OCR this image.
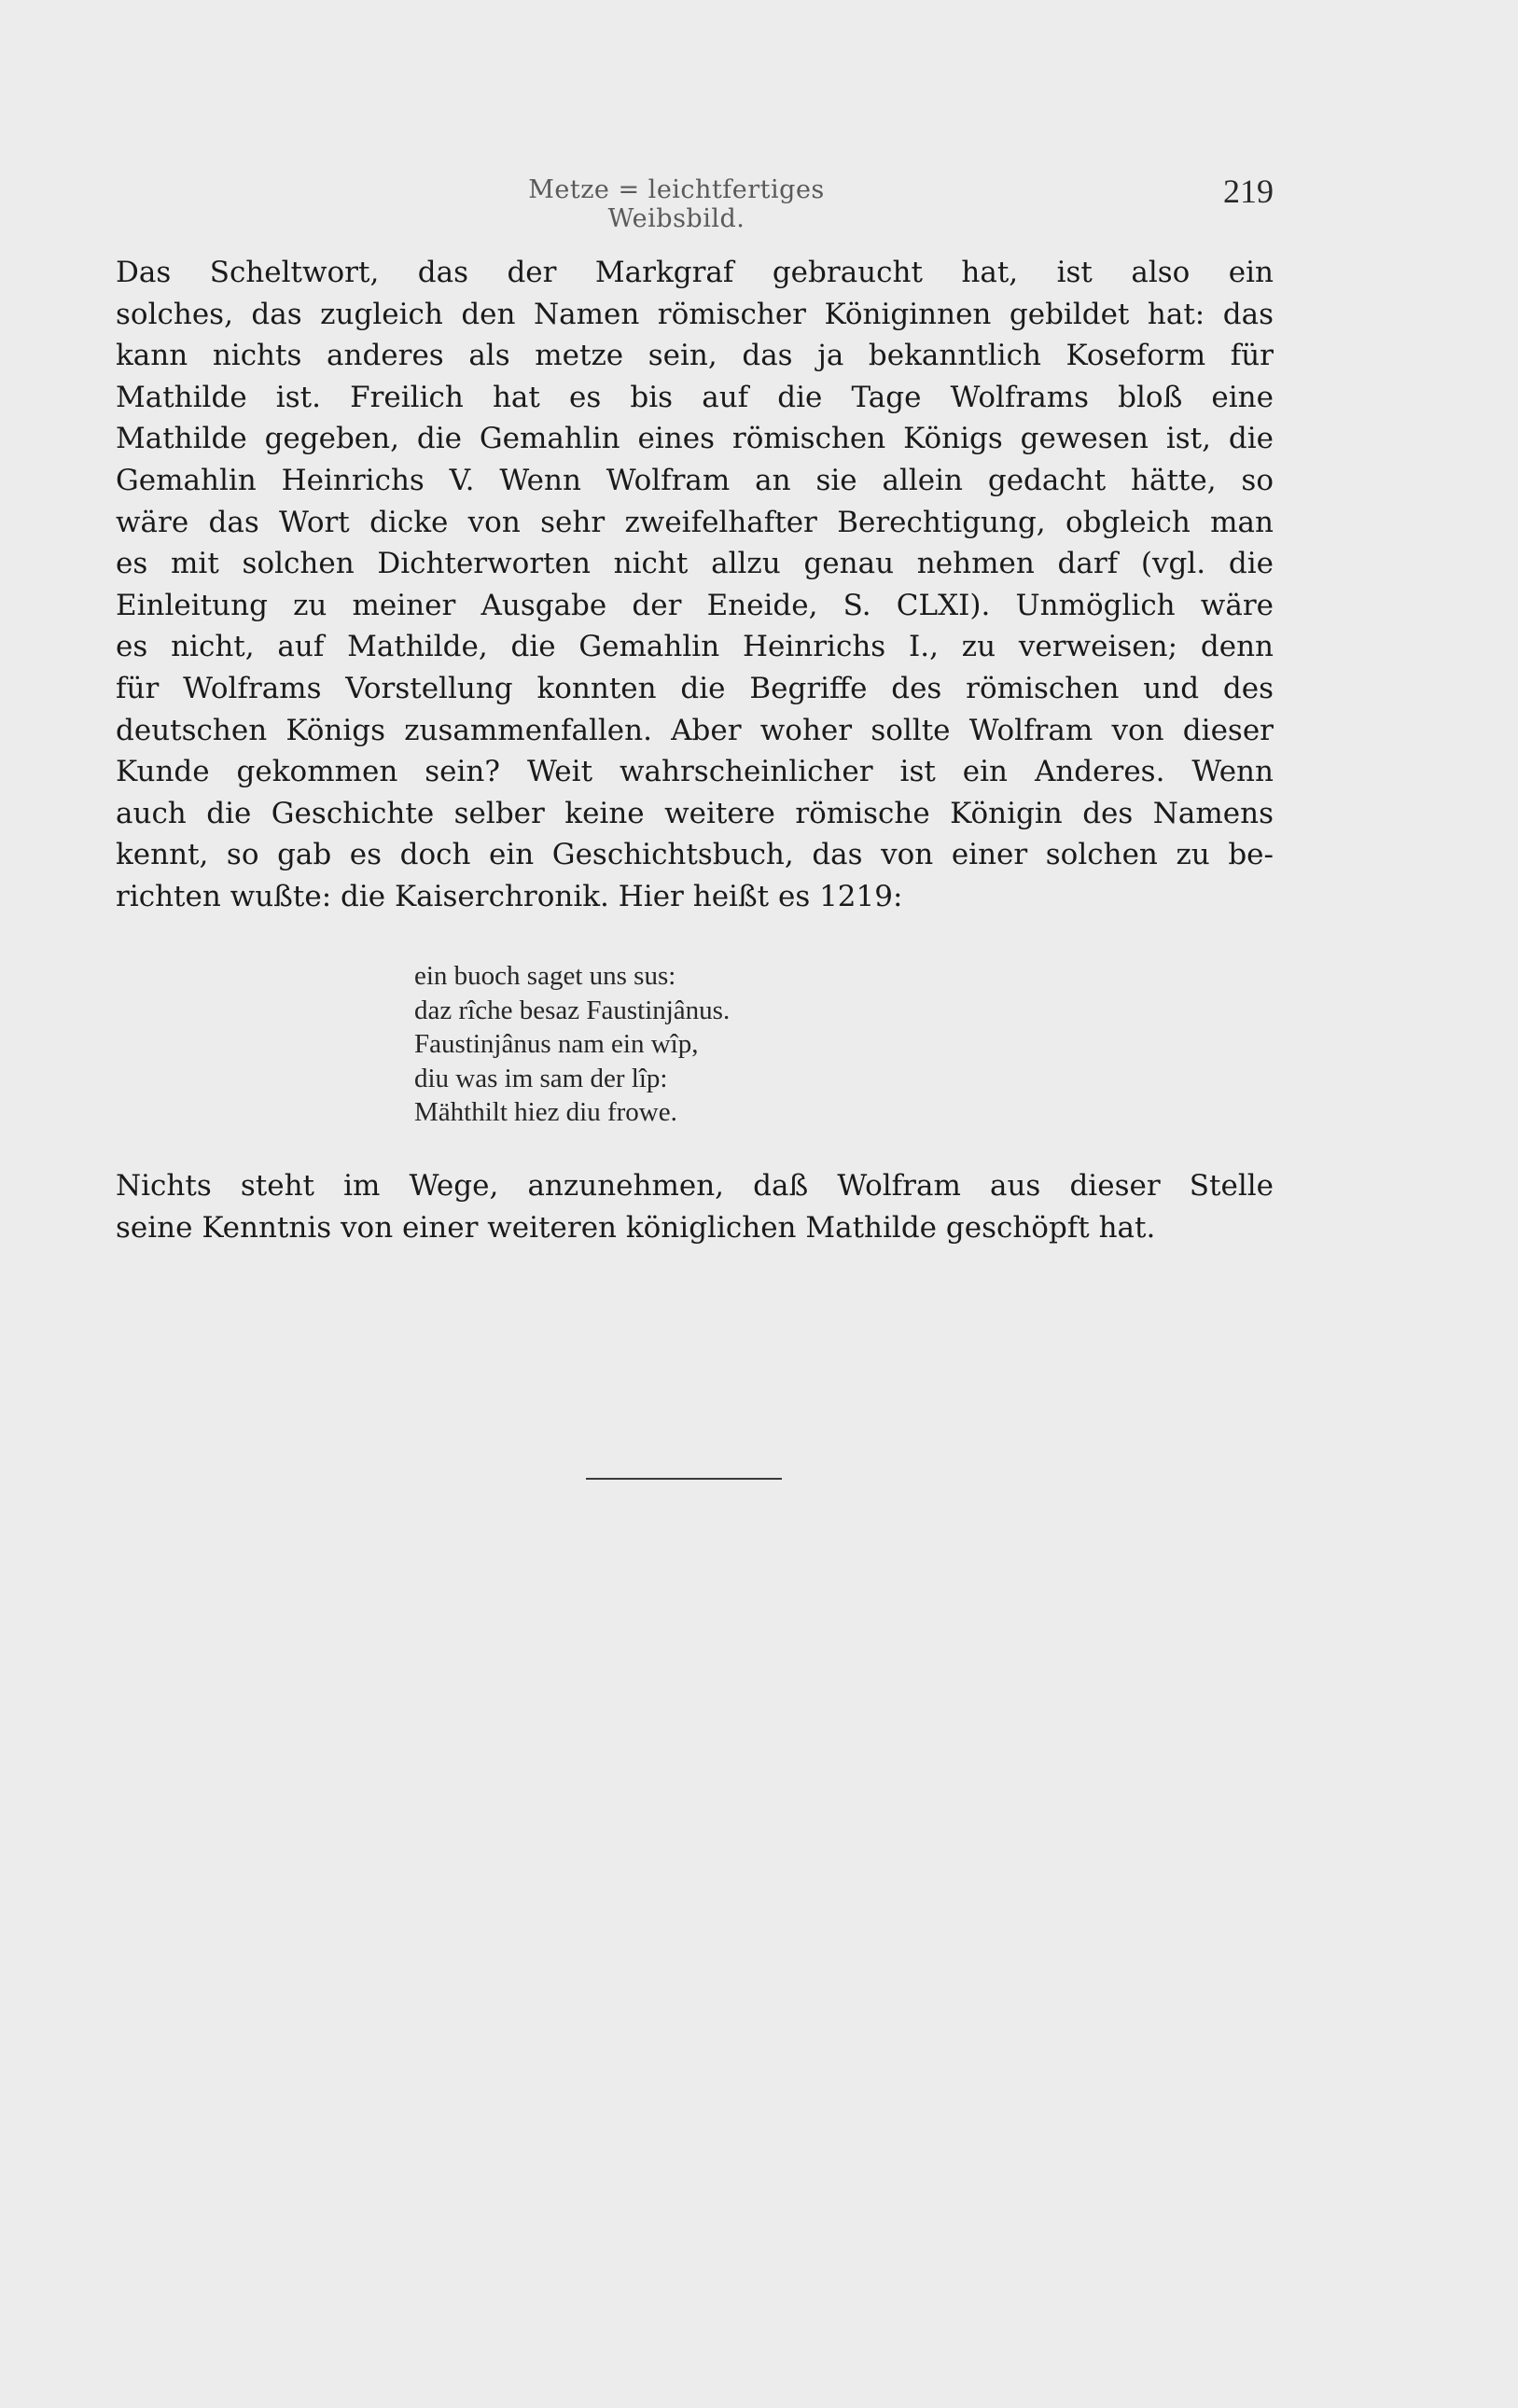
Metze = leichtfertiges Weibsbild.
219
Das Scheltwort, das der Markgraf gebraucht hat, ist also ein
solches, das zugleich den Namen römischer Königinnen gebildet hat: das
kann nichts anderes als metze sein, das ja bekanntlich Koseform für
Mathilde ist. Freilich hat es bis auf die Tage Wolframs bloß eine
Mathilde gegeben, die Gemahlin eines römischen Königs gewesen ist, die
Gemahlin Heinrichs V. Wenn Wolfram an sie allein gedacht hätte, so
wäre das Wort dicke von sehr zweifelhafter Berechtigung, obgleich man
es mit solchen Dichterworten nicht allzu genau nehmen darf (vgl. die
Einleitung zu meiner Ausgabe der Eneide, S. CLXI). Unmöglich wäre
es nicht, auf Mathilde, die Gemahlin Heinrichs I., zu verweisen; denn
für Wolframs Vorstellung konnten die Begriffe des römischen und des
deutschen Königs zusammenfallen. Aber woher sollte Wolfram von dieser
Kunde gekommen sein? Weit wahrscheinlicher ist ein Anderes. Wenn
auch die Geschichte selber keine weitere römische Königin des Namens
kennt, so gab es doch ein Geschichtsbuch, das von einer solchen zu be-
richten wußte: die Kaiserchronik. Hier heißt es 1219:
ein buoch saget uns sus:
daz rîche besaz Faustinjânus.
Faustinjânus nam ein wîp,
diu was im sam der lîp:
Mähthilt hiez diu frowe.
Nichts steht im Wege, anzunehmen, daß Wolfram aus dieser Stelle
seine Kenntnis von einer weiteren königlichen Mathilde geschöpft hat.
